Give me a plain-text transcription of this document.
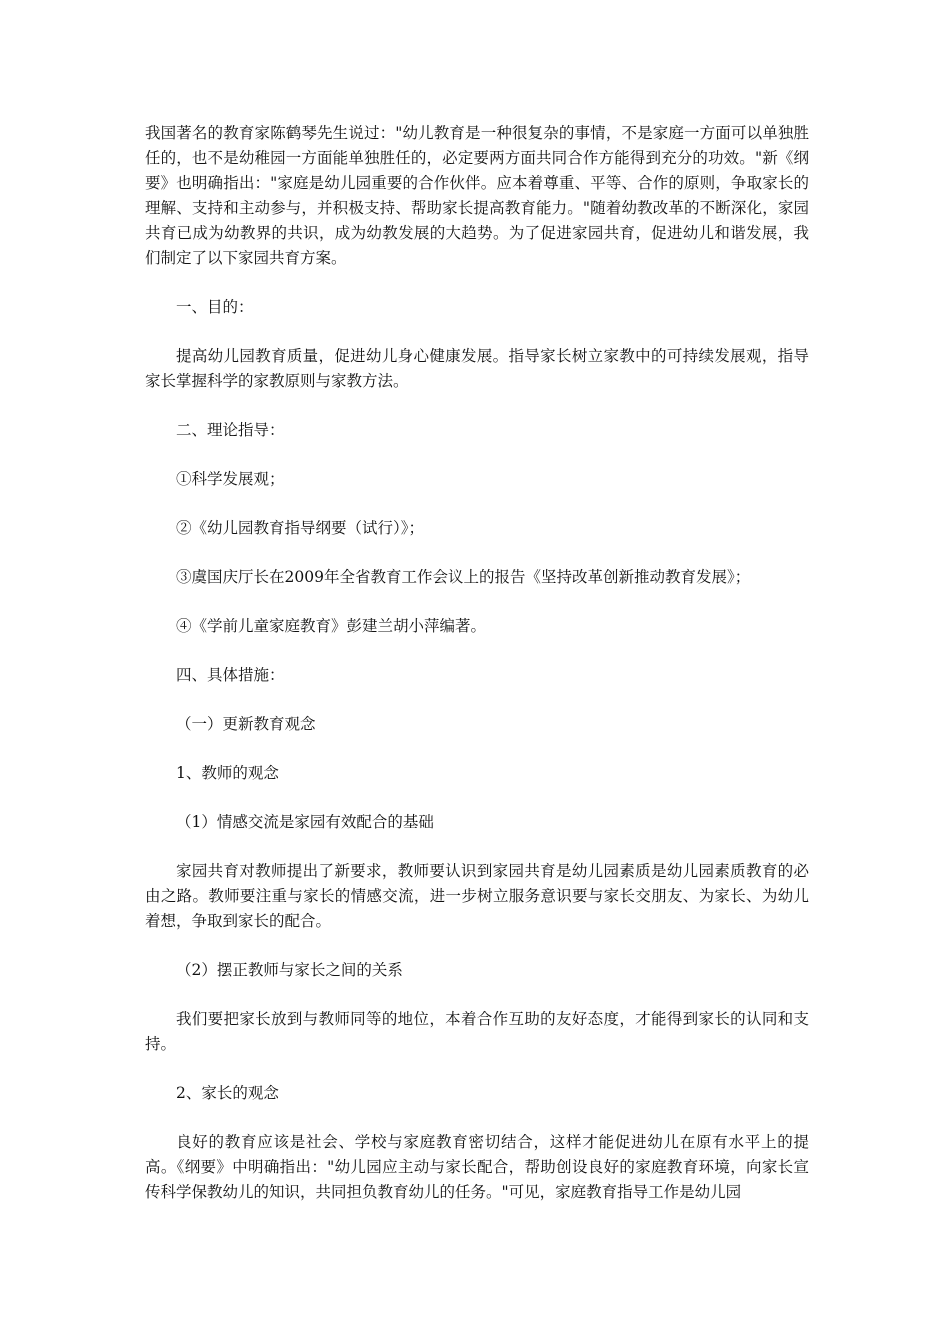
我国著名的教育家陈鹤琴先生说过："幼儿教育是一种很复杂的事情，不是家庭一方面可以单独胜任的，也不是幼稚园一方面能单独胜任的，必定要两方面共同合作方能得到充分的功效。"新《纲要》也明确指出："家庭是幼儿园重要的合作伙伴。应本着尊重、平等、合作的原则，争取家长的理解、支持和主动参与，并积极支持、帮助家长提高教育能力。"随着幼教改革的不断深化，家园共育已成为幼教界的共识，成为幼教发展的大趋势。为了促进家园共育，促进幼儿和谐发展，我们制定了以下家园共育方案。

一、目的：

提高幼儿园教育质量，促进幼儿身心健康发展。指导家长树立家教中的可持续发展观，指导家长掌握科学的家教原则与家教方法。

二、理论指导：

①科学发展观；

②《幼儿园教育指导纲要（试行）》；

③虞国庆厅长在2009年全省教育工作会议上的报告《坚持改革创新推动教育发展》；

④《学前儿童家庭教育》彭建兰胡小萍编著。

四、具体措施：

（一）更新教育观念

1、教师的观念

（1）情感交流是家园有效配合的基础

家园共育对教师提出了新要求，教师要认识到家园共育是幼儿园素质是幼儿园素质教育的必由之路。教师要注重与家长的情感交流，进一步树立服务意识要与家长交朋友、为家长、为幼儿着想，争取到家长的配合。

（2）摆正教师与家长之间的关系

我们要把家长放到与教师同等的地位，本着合作互助的友好态度，才能得到家长的认同和支持。

2、家长的观念

良好的教育应该是社会、学校与家庭教育密切结合，这样才能促进幼儿在原有水平上的提高。《纲要》中明确指出："幼儿园应主动与家长配合，帮助创设良好的家庭教育环境，向家长宣传科学保教幼儿的知识，共同担负教育幼儿的任务。"可见，家庭教育指导工作是幼儿园
